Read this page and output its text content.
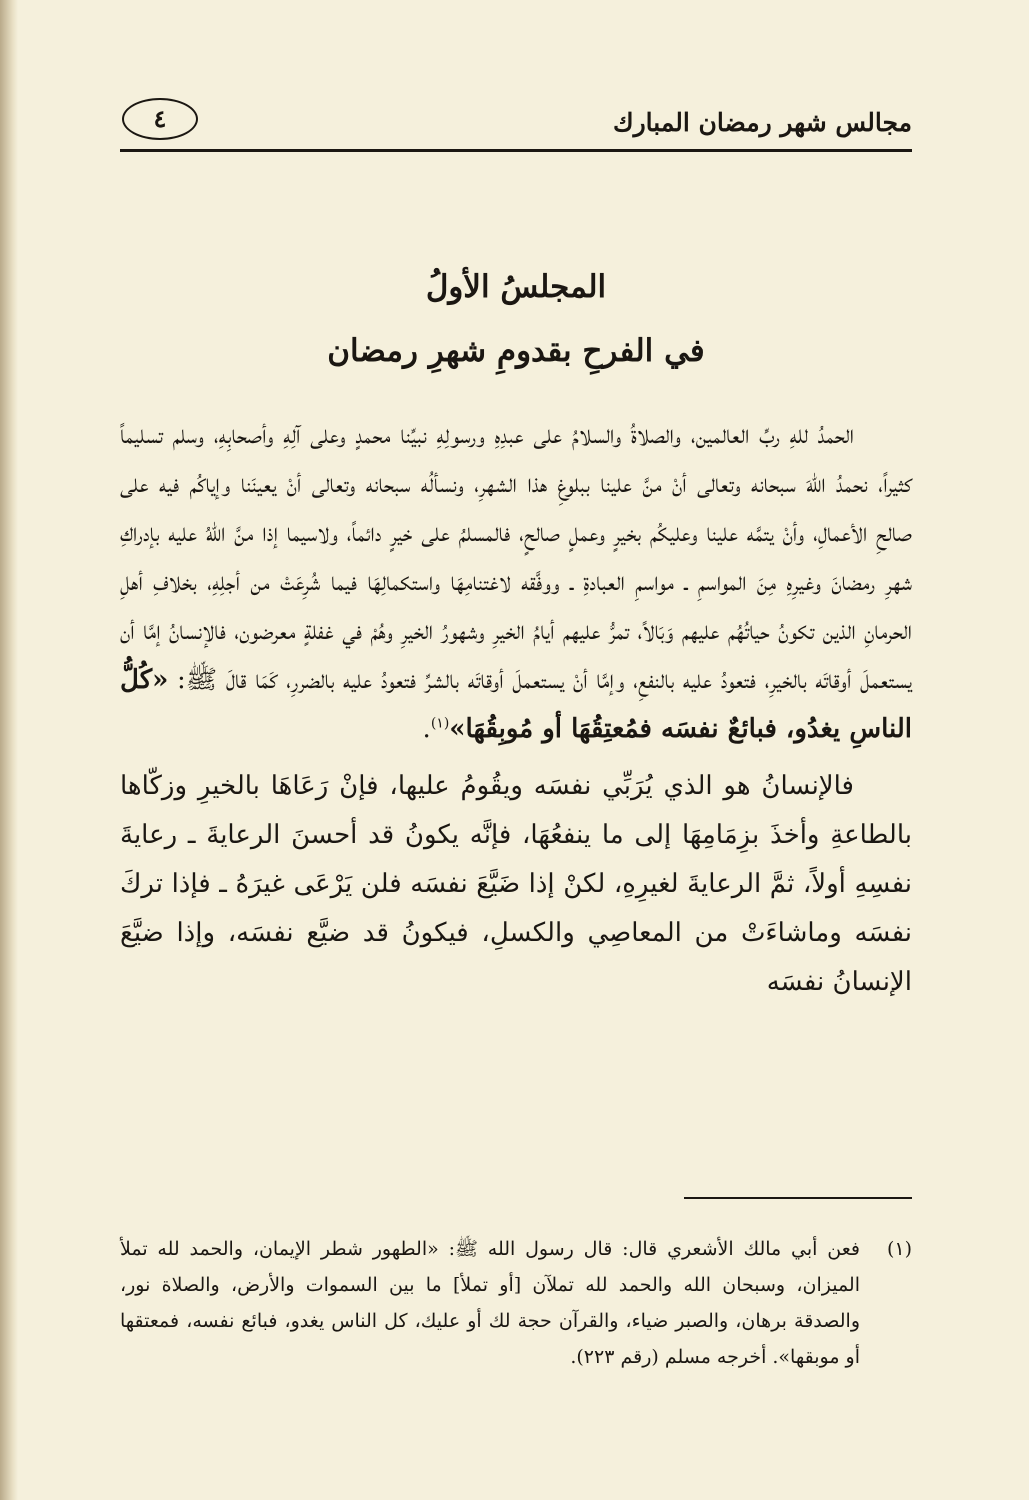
مجالس شهر رمضان المبارك
٤
المجلسُ الأولُ
في الفرحِ بقدومِ شهرِ رمضان

الحمدُ للهِ ربِّ العالمين، والصلاةُ والسلامُ على عبدِهِ ورسولِهِ نبيِّنا محمدٍ وعلى آلِهِ وأصحابِهِ، وسلم تسليماً كثيراً، نحمدُ اللهَ سبحانه وتعالى أنْ منَّ علينا ببلوغِ هذا الشهرِ، ونسألُه سبحانه وتعالى أنْ يعينَنا وإياكُم فيه على صالحِ الأعمالِ، وأنْ يتمَّه علينا وعليكُم بخيرٍ وعملٍ صالحٍ، فالمسلمُ على خيرٍ دائماً، ولاسيما إذا منَّ اللهُ عليه بإدراكِ شهرِ رمضانَ وغيرِهِ مِنَ المواسمِ ـ مواسمِ العبادةِ ـ ووفَّقه لاغتنامِهَا واستكمالِهَا فيما شُرِعَتْ من أجلِهِ، بخلافِ أهلِ الحرمانِ الذين تكونُ حياتُهُم عليهم وَبَالاً، تمرُّ عليهم أيامُ الخيرِ وشهورُ الخيرِ وهُمْ في غفلةٍ معرضون، فالإنسانُ إمَّا أن يستعملَ أوقاتَه بالخيرِ، فتعودُ عليه بالنفعِ، وإمَّا أنْ يستعملَ أوقاتَه بالشرِّ فتعودُ عليه بالضررِ، كَمَا قالَ ﷺ: «كُلُّ الناسِ يغدُو، فبائعٌ نفسَه فمُعتِقُهَا أو مُوبِقُهَا»$^{(١)}$.

فالإنسانُ هو الذي يُرَبِّي نفسَه ويقُومُ عليها، فإنْ رَعَاهَا بالخيرِ وزكّاها بالطاعةِ وأخذَ بزِمَامِهَا إلى ما ينفعُهَا، فإنَّه يكونُ قد أحسنَ الرعايةَ ـ رعايةَ نفسِهِ أولاً، ثمَّ الرعايةَ لغيرِهِ، لكنْ إذا ضَيَّعَ نفسَه فلن يَرْعَى غيرَهُ ـ فإذا تركَ نفسَه وماشاءَتْ من المعاصِي والكسلِ، فيكونُ قد ضيَّع نفسَه، وإذا ضيَّعَ الإنسانُ نفسَه

(١)
فعن أبي مالك الأشعري قال: قال رسول الله ﷺ: «الطهور شطر الإيمان، والحمد لله تملأ الميزان، وسبحان الله والحمد لله تملآن [أو تملأ] ما بين السموات والأرض، والصلاة نور، والصدقة برهان، والصبر ضياء، والقرآن حجة لك أو عليك، كل الناس يغدو، فبائع نفسه، فمعتقها أو موبقها». أخرجه مسلم (رقم ٢٢٣).
